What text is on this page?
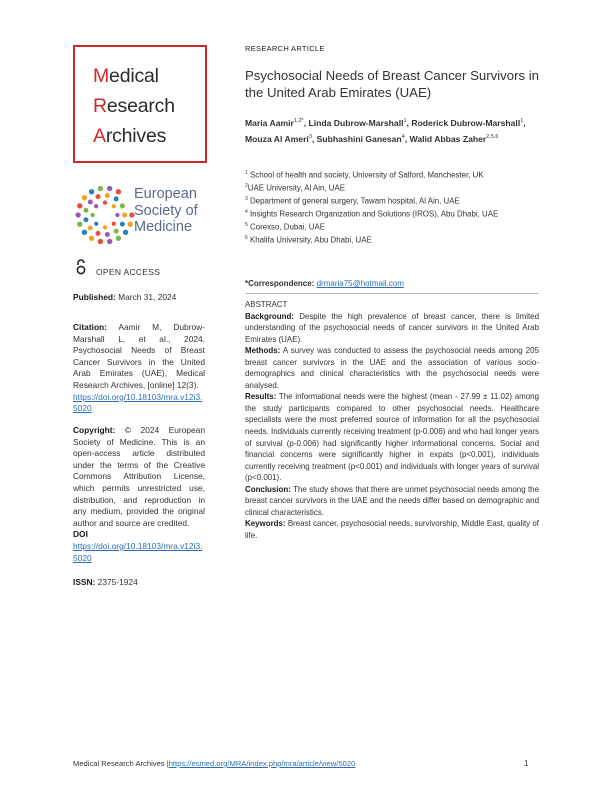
Medical
Research
Archives
European
Society of
Medicine
OPEN ACCESS
Published: March 31, 2024
Citation: Aamir M, Dubrow-Marshall L, et al., 2024. Psychosocial Needs of Breast Cancer Survivors in the United Arab Emirates (UAE), Medical Research Archives, [online] 12(3).
https://doi.org/10.18103/mra.v12i3.5020
Copyright: © 2024 European Society of Medicine. This is an open-access article distributed under the terms of the Creative Commons Attribution License, which permits unrestricted use, distribution, and reproduction in any medium, provided the original author and source are credited.
DOI
https://doi.org/10.18103/mra.v12i3.5020
ISSN: 2375-1924
RESEARCH ARTICLE
Psychosocial Needs of Breast Cancer Survivors in the United Arab Emirates (UAE)
Maria Aamir$^{1,2*}$, Linda Dubrow-Marshall$^1$, Roderick Dubrow-Marshall$^1$, Mouza Al Ameri$^3$, Subhashini Ganesan$^4$, Walid Abbas Zaher$^{2,5,6}$
$^1$ School of health and society, University of Salford, Manchester, UK
$^2$UAE University, Al Ain, UAE
$^3$ Department of general surgery, Tawam hospital, Al Ain, UAE
$^4$ Insights Research Organization and Solutions (IROS), Abu Dhabi, UAE
$^5$ Corexso, Dubai, UAE
$^6$ Khalifa University, Abu Dhabi, UAE
*Correspondence: drmaria75@hotmail.com
ABSTRACT
Background: Despite the high prevalence of breast cancer, there is limited understanding of the psychosocial needs of cancer survivors in the United Arab Emirates (UAE).
Methods: A survey was conducted to assess the psychosocial needs among 205 breast cancer survivors in the UAE and the association of various socio-demographics and clinical characteristics with the psychosocial needs were analysed.
Results: The informational needs were the highest (mean - 27.99 ± 11.02) among the study participants compared to other psychosocial needs. Healthcare specialists were the most preferred source of information for all the psychosocial needs. Individuals currently receiving treatment (p-0.006) and who had longer years of survival (p-0.006) had significantly higher informational concerns. Social and financial concerns were significantly higher in expats (p<0.001), individuals currently receiving treatment (p<0.001) and individuals with longer years of survival (p<0.001).
Conclusion: The study shows that there are unmet psychosocial needs among the breast cancer survivors in the UAE and the needs differ based on demographic and clinical characteristics.
Keywords: Breast cancer, psychosocial needs, survivorship, Middle East, quality of life.
Medical Research Archives |https://esmed.org/MRA/index.php/mra/article/view/5020	1
